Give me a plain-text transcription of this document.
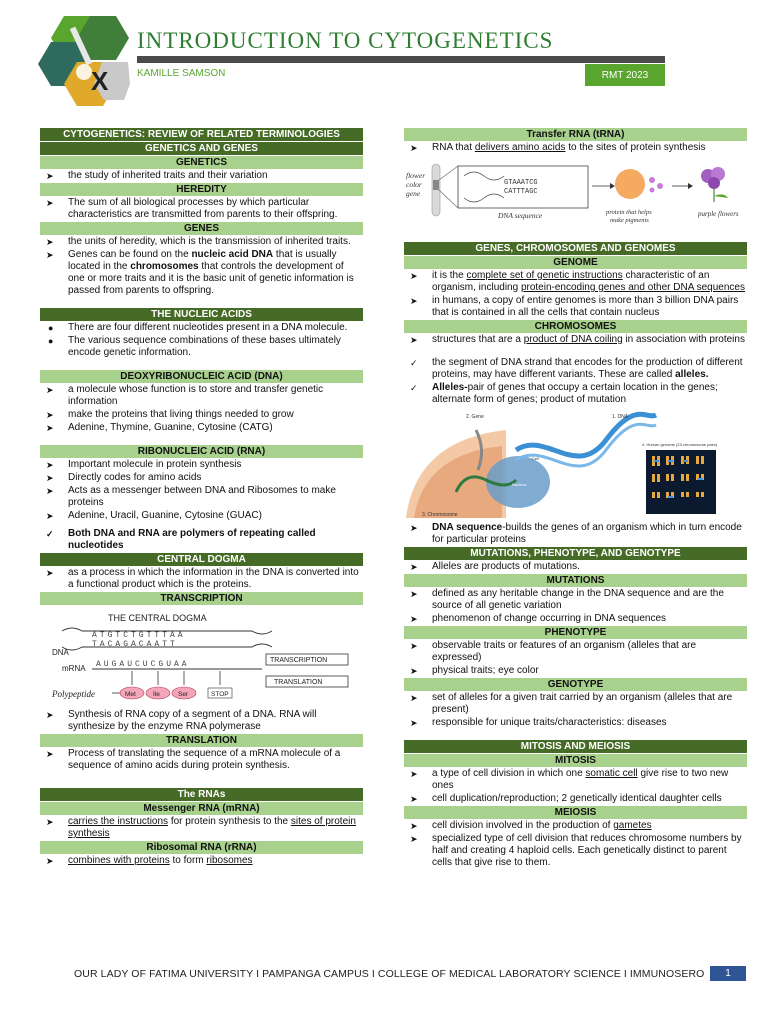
X
INTRODUCTION TO CYTOGENETICS
KAMILLE SAMSON	RMT 2023
CYTOGENETICS: REVIEW OF RELATED TERMINOLOGIES
GENETICS AND GENES
GENETICS
➤ the study of inherited traits and their variation
HEREDITY
➤ The sum of all biological processes by which particular characteristics are transmitted from parents to their offspring.
GENES
➤ the units of heredity, which is the transmission of inherited traits.
➤ Genes can be found on the nucleic acid DNA that is usually located in the chromosomes that controls the development of one or more traits and it is the basic unit of genetic information is passed from parents to offspring.
THE NUCLEIC ACIDS
● There are four different nucleotides present in a DNA molecule.
● The various sequence combinations of these bases ultimately encode genetic information.
DEOXYRIBONUCLEIC ACID (DNA)
➤ a molecule whose function is to store and transfer genetic information
➤ make the proteins that living things needed to grow
➤ Adenine, Thymine, Guanine, Cytosine (CATG)
RIBONUCLEIC ACID (RNA)
➤ Important molecule in protein synthesis
➤ Directly codes for amino acids
➤ Acts as a messenger between DNA and Ribosomes to make proteins
➤ Adenine, Uracil, Guanine, Cytosine (GUAC)
✓ Both DNA and RNA are polymers of repeating called nucleotides
CENTRAL DOGMA
➤ as a process in which the information in the DNA is converted into a functional product which is the proteins.
TRANSCRIPTION
THE CENTRAL DOGMA
ATGTCTGTTTAA
TACAGACAATT
DNA
mRNA AUGAUCUCGUAA	TRANSCRIPTION
TRANSLATION
Polypeptide	Met	Ile	Ser	STOP
➤ Synthesis of RNA copy of a segment of a DNA. RNA will synthesize by the enzyme RNA polymerase
TRANSLATION
➤ Process of translating the sequence of a mRNA molecule of a sequence of amino acids during protein synthesis.
The RNAs
Messenger RNA (mRNA)
➤ carries the instructions for protein synthesis to the sites of protein synthesis
Ribosomal RNA (rRNA)
➤ combines with proteins to form ribosomes
Transfer RNA (tRNA)
➤ RNA that delivers amino acids to the sites of protein synthesis
flower
color
gene
GTAAATCG
CATTTAGC
DNA sequence	protein that helps
make pigments
purple flowers
GENES, CHROMOSOMES AND GENOMES
GENOME
➤ it is the complete set of genetic instructions characteristic of an organism, including protein-encoding genes and other DNA sequences
➤ in humans, a copy of entire genomes is more than 3 billion DNA pairs that is contained in all the cells that contain nucleus
CHROMOSOMES
➤ structures that are a product of DNA coiling in association with proteins
✓ the segment of DNA strand that encodes for the production of different proteins, may have different variants. These are called alleles.
✓ Alleles-pair of genes that occupy a certain location in the genes; alternate form of genes; product of mutation
2. Gene	1. DNA
Cell
Nucleus
3. Chromosome
4. Human genome (23 chromosome pairs)
➤ DNA sequence-builds the genes of an organism which in turn encode for particular proteins
MUTATIONS, PHENOTYPE, AND GENOTYPE
➤ Alleles are products of mutations.
MUTATIONS
➤ defined as any heritable change in the DNA sequence and are the source of all genetic variation
➤ phenomenon of change occurring in DNA sequences
PHENOTYPE
➤ observable traits or features of an organism (alleles that are expressed)
➤ physical traits; eye color
GENOTYPE
➤ set of alleles for a given trait carried by an organism (alleles that are present)
➤ responsible for unique traits/characteristics: diseases
MITOSIS AND MEIOSIS
MITOSIS
➤ a type of cell division in which one somatic cell give rise to two new ones
➤ cell duplication/reproduction; 2 genetically identical daughter cells
MEIOSIS
➤ cell division involved in the production of gametes
➤ specialized type of cell division that reduces chromosome numbers by half and creating 4 haploid cells. Each genetically distinct to parent cells that give rise to them.
OUR LADY OF FATIMA UNIVERSITY I PAMPANGA CAMPUS I COLLEGE OF MEDICAL LABORATORY SCIENCE I IMMUNOSERO	1
